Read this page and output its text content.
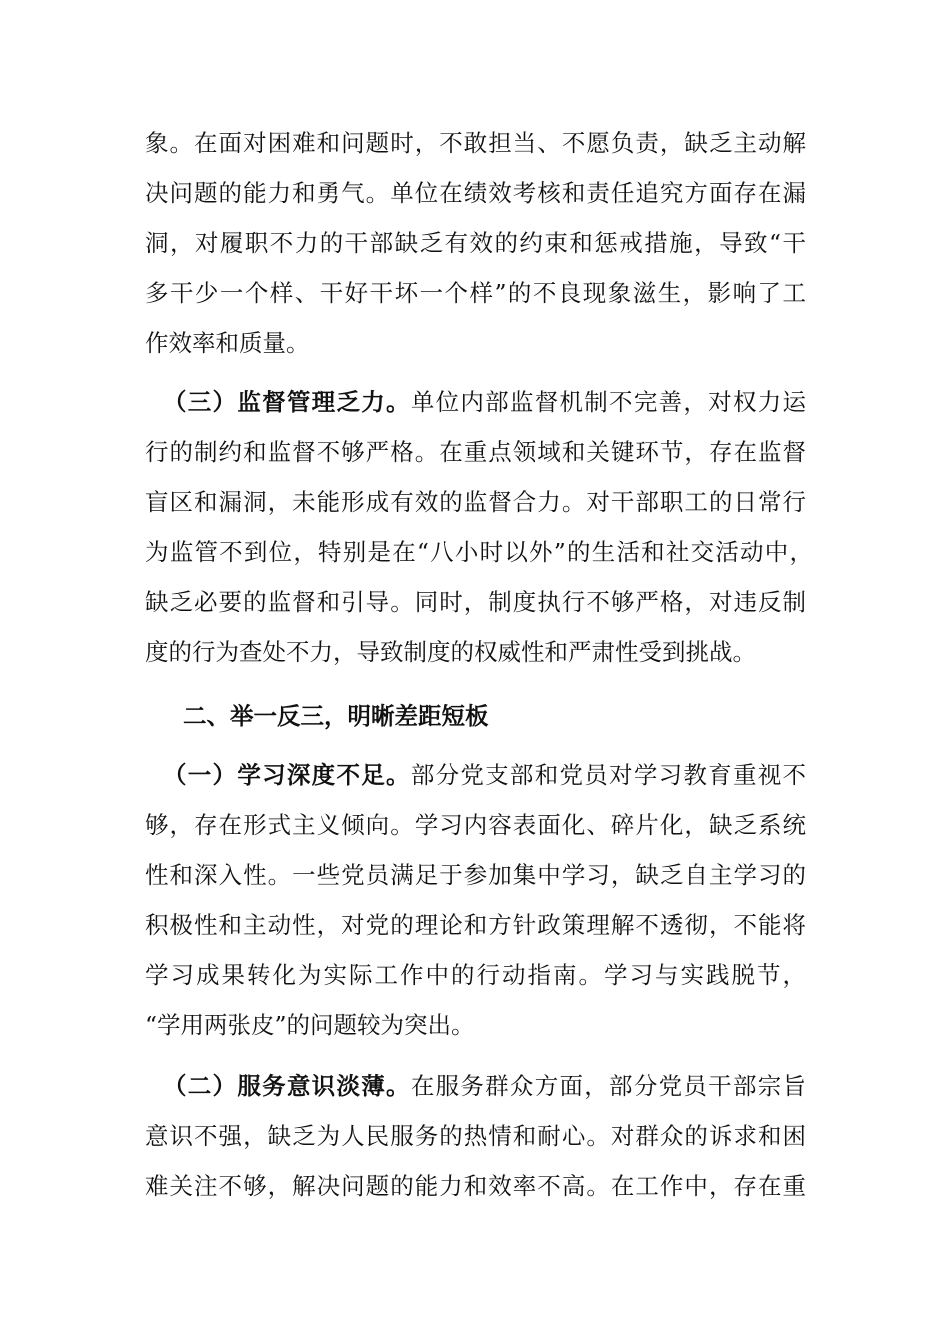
象。在面对困难和问题时，不敢担当、不愿负责，缺乏主动解
决问题的能力和勇气。单位在绩效考核和责任追究方面存在漏
洞，对履职不力的干部缺乏有效的约束和惩戒措施，导致“干
多干少一个样、干好干坏一个样”的不良现象滋生，影响了工
作效率和质量。
（三）监督管理乏力。单位内部监督机制不完善，对权力运
行的制约和监督不够严格。在重点领域和关键环节，存在监督
盲区和漏洞，未能形成有效的监督合力。对干部职工的日常行
为监管不到位，特别是在“八小时以外”的生活和社交活动中，
缺乏必要的监督和引导。同时，制度执行不够严格，对违反制
度的行为查处不力，导致制度的权威性和严肃性受到挑战。
二、举一反三，明晰差距短板
（一）学习深度不足。部分党支部和党员对学习教育重视不
够，存在形式主义倾向。学习内容表面化、碎片化，缺乏系统
性和深入性。一些党员满足于参加集中学习，缺乏自主学习的
积极性和主动性，对党的理论和方针政策理解不透彻，不能将
学习成果转化为实际工作中的行动指南。学习与实践脱节，
“学用两张皮”的问题较为突出。
（二）服务意识淡薄。在服务群众方面，部分党员干部宗旨
意识不强，缺乏为人民服务的热情和耐心。对群众的诉求和困
难关注不够，解决问题的能力和效率不高。在工作中，存在重
